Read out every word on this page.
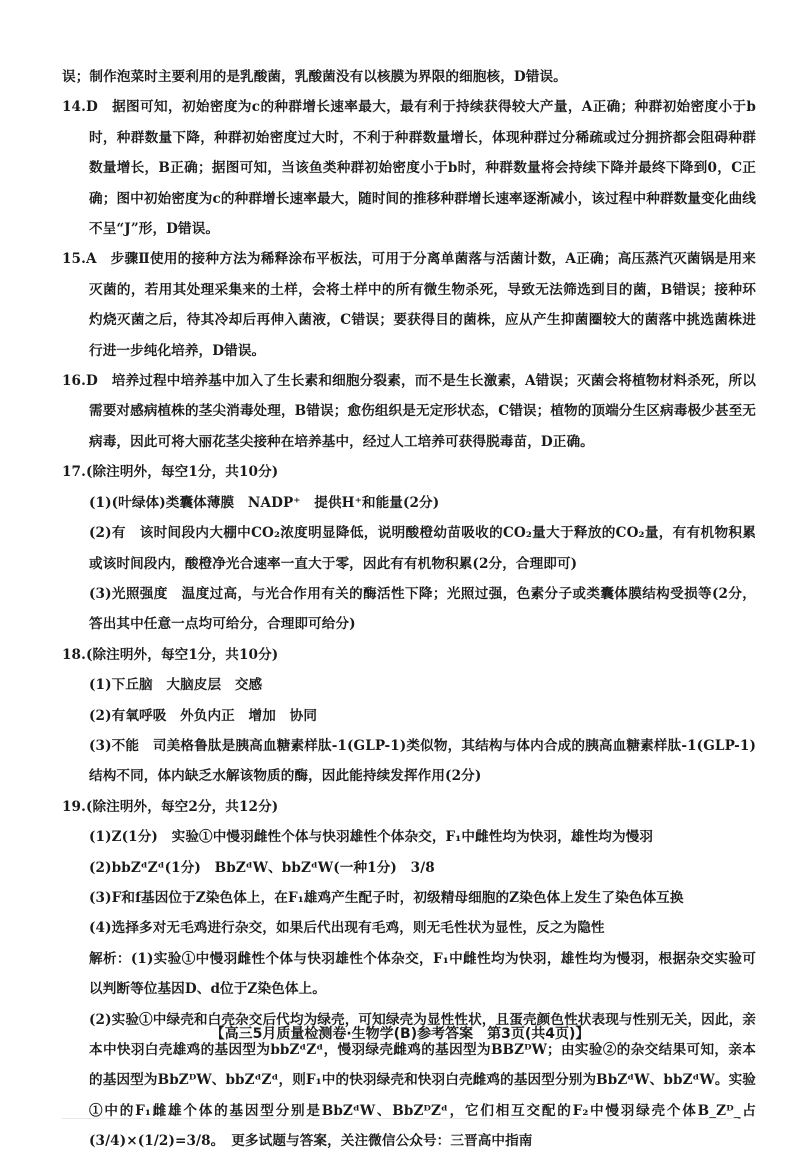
误；制作泡菜时主要利用的是乳酸菌，乳酸菌没有以核膜为界限的细胞核，D错误。

14.D　据图可知，初始密度为c的种群增长速率最大，最有利于持续获得较大产量，A正确；种群初始密度小于b时，种群数量下降，种群初始密度过大时，不利于种群数量增长，体现种群过分稀疏或过分拥挤都会阻碍种群数量增长，B正确；据图可知，当该鱼类种群初始密度小于b时，种群数量将会持续下降并最终下降到0，C正确；图中初始密度为c的种群增长速率最大，随时间的推移种群增长速率逐渐减小，该过程中种群数量变化曲线不呈“J”形，D错误。

15.A　步骤Ⅱ使用的接种方法为稀释涂布平板法，可用于分离单菌落与活菌计数，A正确；高压蒸汽灭菌锅是用来灭菌的，若用其处理采集来的土样，会将土样中的所有微生物杀死，导致无法筛选到目的菌，B错误；接种环灼烧灭菌之后，待其冷却后再伸入菌液，C错误；要获得目的菌株，应从产生抑菌圈较大的菌落中挑选菌株进行进一步纯化培养，D错误。

16.D　培养过程中培养基中加入了生长素和细胞分裂素，而不是生长激素，A错误；灭菌会将植物材料杀死，所以需要对感病植株的茎尖消毒处理，B错误；愈伤组织是无定形状态，C错误；植物的顶端分生区病毒极少甚至无病毒，因此可将大丽花茎尖接种在培养基中，经过人工培养可获得脱毒苗，D正确。

17.(除注明外，每空1分，共10分)

(1)(叶绿体)类囊体薄膜　NADP⁺　提供H⁺和能量(2分)

(2)有　该时间段内大棚中CO₂浓度明显降低，说明酸橙幼苗吸收的CO₂量大于释放的CO₂量，有有机物积累或该时间段内，酸橙净光合速率一直大于零，因此有有机物积累(2分，合理即可)

(3)光照强度　温度过高，与光合作用有关的酶活性下降；光照过强，色素分子或类囊体膜结构受损等(2分，答出其中任意一点均可给分，合理即可给分)

18.(除注明外，每空1分，共10分)

(1)下丘脑　大脑皮层　交感

(2)有氧呼吸　外负内正　增加　协同

(3)不能　司美格鲁肽是胰高血糖素样肽-1(GLP-1)类似物，其结构与体内合成的胰高血糖素样肽-1(GLP-1)结构不同，体内缺乏水解该物质的酶，因此能持续发挥作用(2分)

19.(除注明外，每空2分，共12分)

(1)Z(1分)　实验①中慢羽雌性个体与快羽雄性个体杂交，F₁中雌性均为快羽，雄性均为慢羽

(2)bbZᵈZᵈ(1分)　BbZᵈW、bbZᵈW(一种1分)　3/8

(3)F和f基因位于Z染色体上，在F₁雄鸡产生配子时，初级精母细胞的Z染色体上发生了染色体互换

(4)选择多对无毛鸡进行杂交，如果后代出现有毛鸡，则无毛性状为显性，反之为隐性

解析：(1)实验①中慢羽雌性个体与快羽雄性个体杂交，F₁中雌性均为快羽，雄性均为慢羽，根据杂交实验可以判断等位基因D、d位于Z染色体上。

(2)实验①中绿壳和白壳杂交后代均为绿壳，可知绿壳为显性性状，且蛋壳颜色性状表现与性别无关，因此，亲本中快羽白壳雄鸡的基因型为bbZᵈZᵈ，慢羽绿壳雌鸡的基因型为BBZᴰW；由实验②的杂交结果可知，亲本的基因型为BbZᴰW、bbZᵈZᵈ，则F₁中的快羽绿壳和快羽白壳雌鸡的基因型分别为BbZᵈW、bbZᵈW。实验①中的F₁雌雄个体的基因型分别是BbZᵈW、BbZᴰZᵈ，它们相互交配的F₂中慢羽绿壳个体B_Zᴰ_占(3/4)×(1/2)=3/8。　更多试题与答案，关注微信公众号：三晋高中指南

【高三5月质量检测卷·生物学(B)参考答案　第3页(共4页)】
